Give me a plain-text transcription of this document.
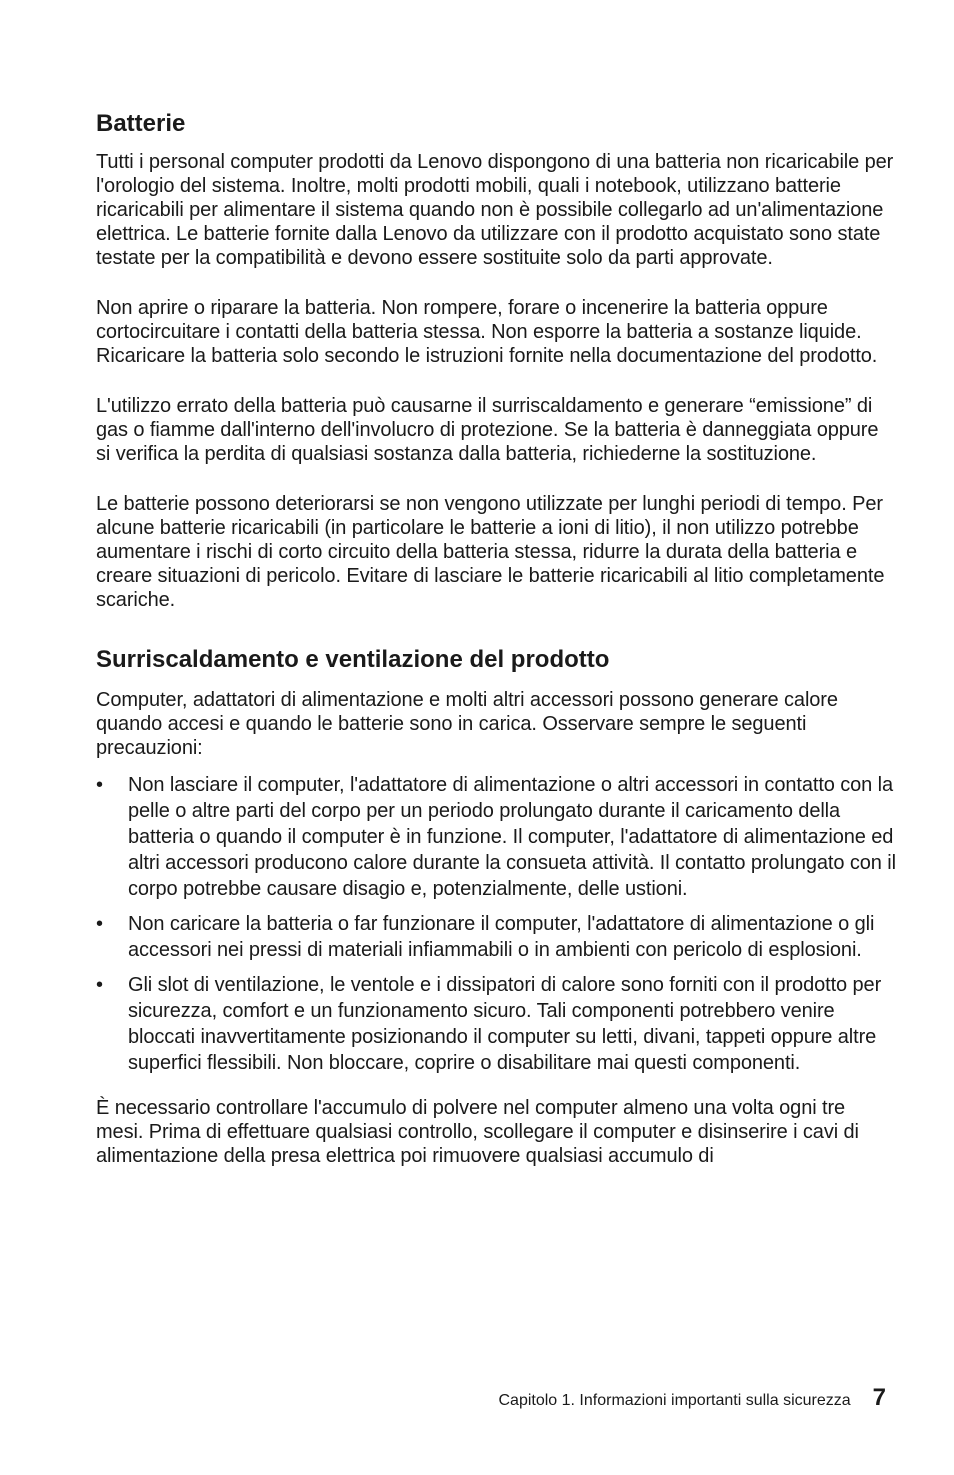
Batterie

Tutti i personal computer prodotti da Lenovo dispongono di una batteria non ricaricabile per l'orologio del sistema. Inoltre, molti prodotti mobili, quali i notebook, utilizzano batterie ricaricabili per alimentare il sistema quando non è possibile collegarlo ad un'alimentazione elettrica. Le batterie fornite dalla Lenovo da utilizzare con il prodotto acquistato sono state testate per la compatibilità e devono essere sostituite solo da parti approvate.

Non aprire o riparare la batteria. Non rompere, forare o incenerire la batteria oppure cortocircuitare i contatti della batteria stessa. Non esporre la batteria a sostanze liquide. Ricaricare la batteria solo secondo le istruzioni fornite nella documentazione del prodotto.

L'utilizzo errato della batteria può causarne il surriscaldamento e generare “emissione” di gas o fiamme dall'interno dell'involucro di protezione. Se la batteria è danneggiata oppure si verifica la perdita di qualsiasi sostanza dalla batteria, richiederne la sostituzione.

Le batterie possono deteriorarsi se non vengono utilizzate per lunghi periodi di tempo. Per alcune batterie ricaricabili (in particolare le batterie a ioni di litio), il non utilizzo potrebbe aumentare i rischi di corto circuito della batteria stessa, ridurre la durata della batteria e creare situazioni di pericolo. Evitare di lasciare le batterie ricaricabili al litio completamente scariche.

Surriscaldamento e ventilazione del prodotto

Computer, adattatori di alimentazione e molti altri accessori possono generare calore quando accesi e quando le batterie sono in carica. Osservare sempre le seguenti precauzioni:

•	Non lasciare il computer, l'adattatore di alimentazione o altri accessori in contatto con la pelle o altre parti del corpo per un periodo prolungato durante il caricamento della batteria o quando il computer è in funzione. Il computer, l'adattatore di alimentazione ed altri accessori producono calore durante la consueta attività. Il contatto prolungato con il corpo potrebbe causare disagio e, potenzialmente, delle ustioni.
•	Non caricare la batteria o far funzionare il computer, l'adattatore di alimentazione o gli accessori nei pressi di materiali infiammabili o in ambienti con pericolo di esplosioni.
•	Gli slot di ventilazione, le ventole e i dissipatori di calore sono forniti con il prodotto per sicurezza, comfort e un funzionamento sicuro. Tali componenti potrebbero venire bloccati inavvertitamente posizionando il computer su letti, divani, tappeti oppure altre superfici flessibili. Non bloccare, coprire o disabilitare mai questi componenti.

È necessario controllare l'accumulo di polvere nel computer almeno una volta ogni tre mesi. Prima di effettuare qualsiasi controllo, scollegare il computer e disinserire i cavi di alimentazione della presa elettrica poi rimuovere qualsiasi accumulo di

Capitolo 1. Informazioni importanti sulla sicurezza 7
